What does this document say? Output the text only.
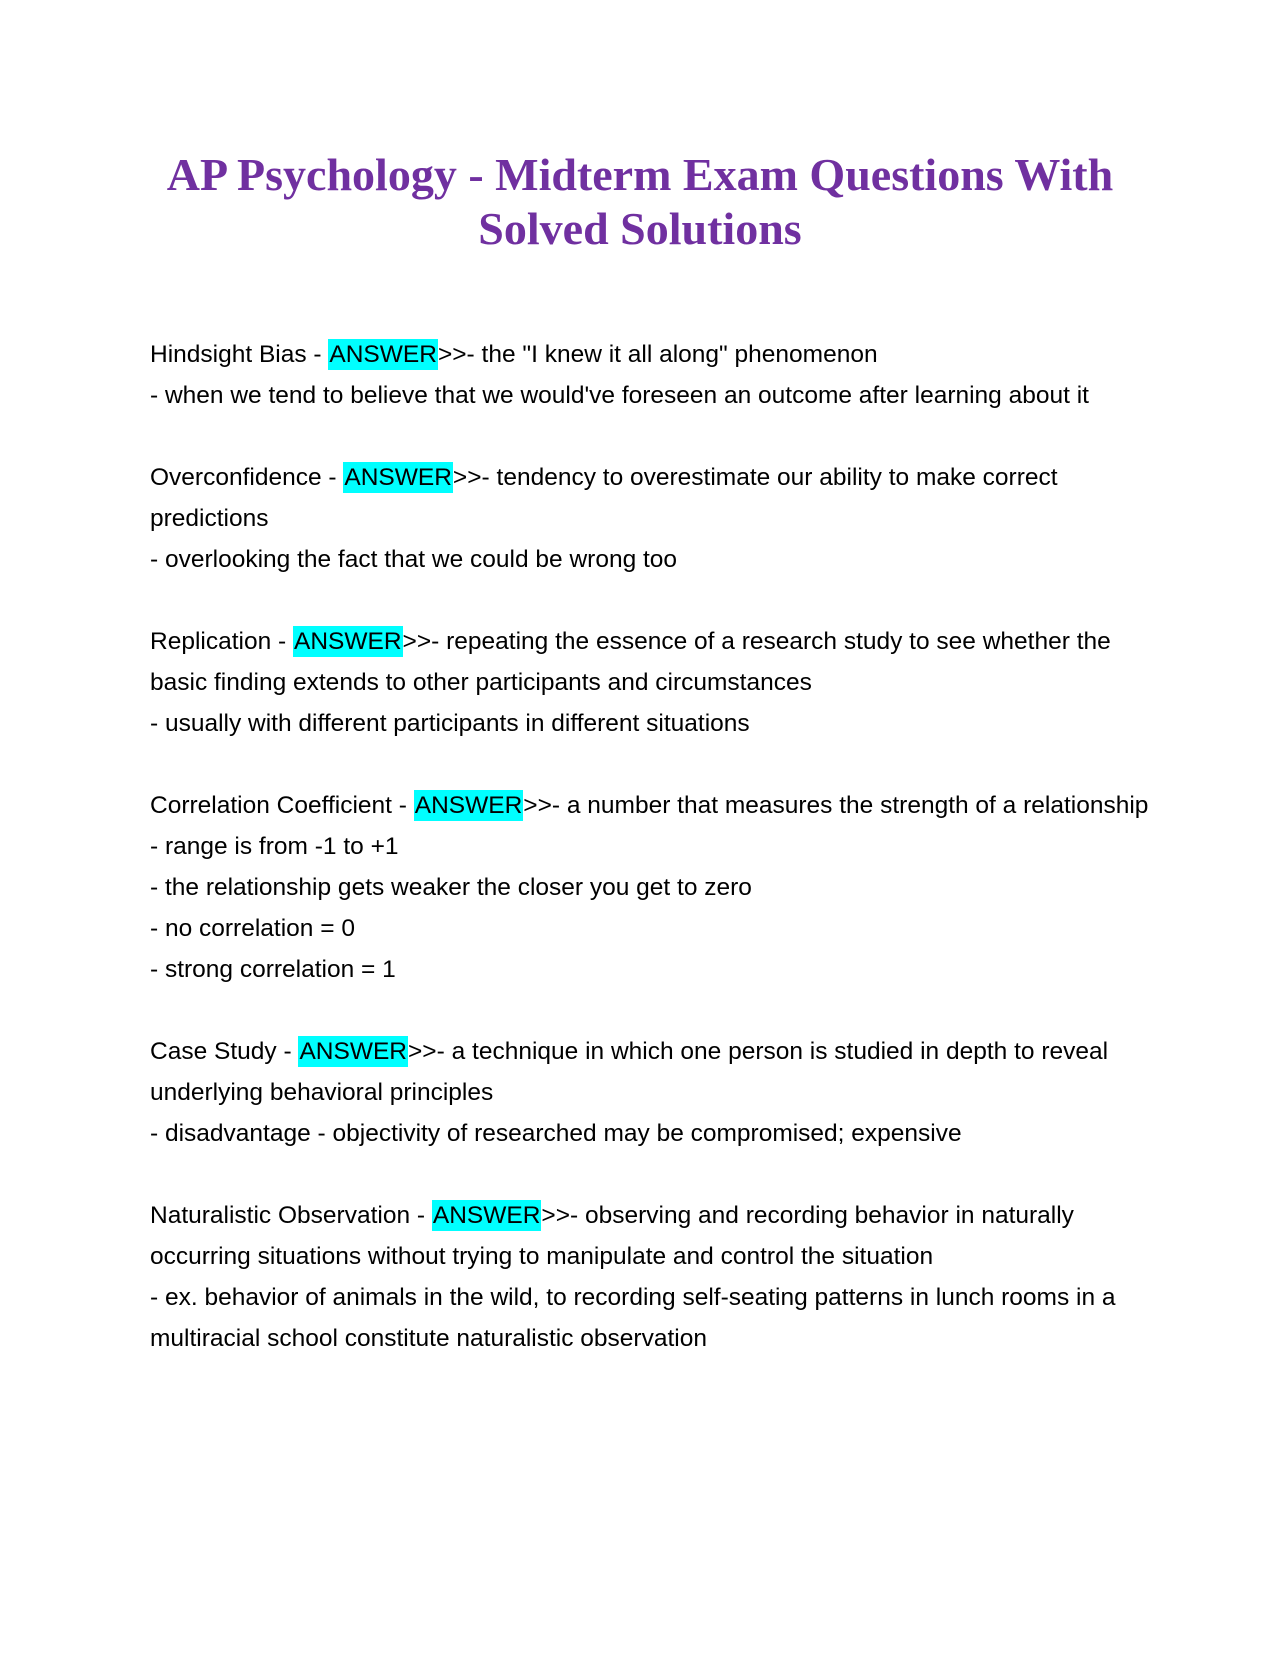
AP Psychology - Midterm Exam Questions With
Solved Solutions

Hindsight Bias - ANSWER>>- the "I knew it all along" phenomenon

- when we tend to believe that we would've foreseen an outcome after learning about it

Overconfidence - ANSWER>>- tendency to overestimate our ability to make correct predictions

- overlooking the fact that we could be wrong too

Replication - ANSWER>>- repeating the essence of a research study to see whether the basic finding extends to other participants and circumstances

- usually with different participants in different situations

Correlation Coefficient - ANSWER>>- a number that measures the strength of a relationship

- range is from -1 to +1

- the relationship gets weaker the closer you get to zero

- no correlation = 0

- strong correlation = 1

Case Study - ANSWER>>- a technique in which one person is studied in depth to reveal underlying behavioral principles

- disadvantage - objectivity of researched may be compromised; expensive

Naturalistic Observation - ANSWER>>- observing and recording behavior in naturally occurring situations without trying to manipulate and control the situation

- ex. behavior of animals in the wild, to recording self-seating patterns in lunch rooms in a multiracial school constitute naturalistic observation
